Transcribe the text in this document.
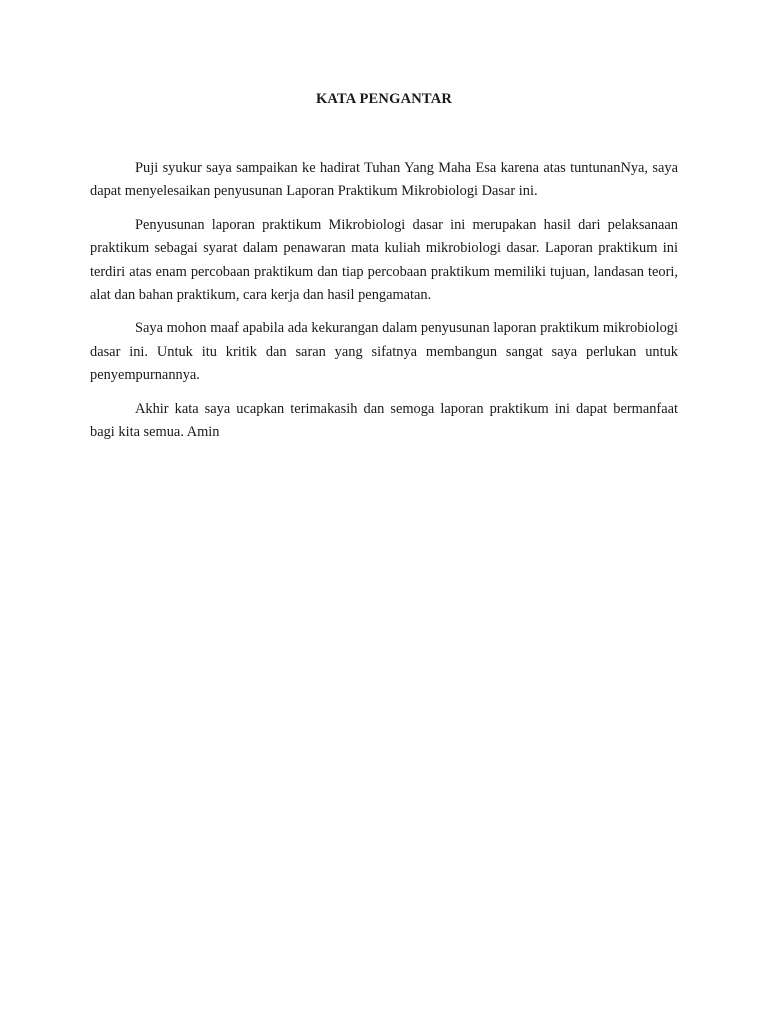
KATA PENGANTAR

Puji syukur saya sampaikan ke hadirat Tuhan Yang Maha Esa karena atas tuntunanNya, saya dapat menyelesaikan penyusunan Laporan Praktikum Mikrobiologi Dasar ini.

Penyusunan laporan praktikum Mikrobiologi dasar ini merupakan hasil dari pelaksanaan praktikum sebagai syarat dalam penawaran mata kuliah mikrobiologi dasar. Laporan praktikum ini terdiri atas enam percobaan praktikum dan tiap percobaan praktikum memiliki tujuan, landasan teori, alat dan bahan praktikum, cara kerja dan hasil pengamatan.

Saya mohon maaf apabila ada kekurangan dalam penyusunan laporan praktikum mikrobiologi dasar ini. Untuk itu kritik dan saran yang sifatnya membangun sangat saya perlukan untuk penyempurnannya.

Akhir kata saya ucapkan terimakasih dan semoga laporan praktikum ini dapat bermanfaat bagi kita semua. Amin
